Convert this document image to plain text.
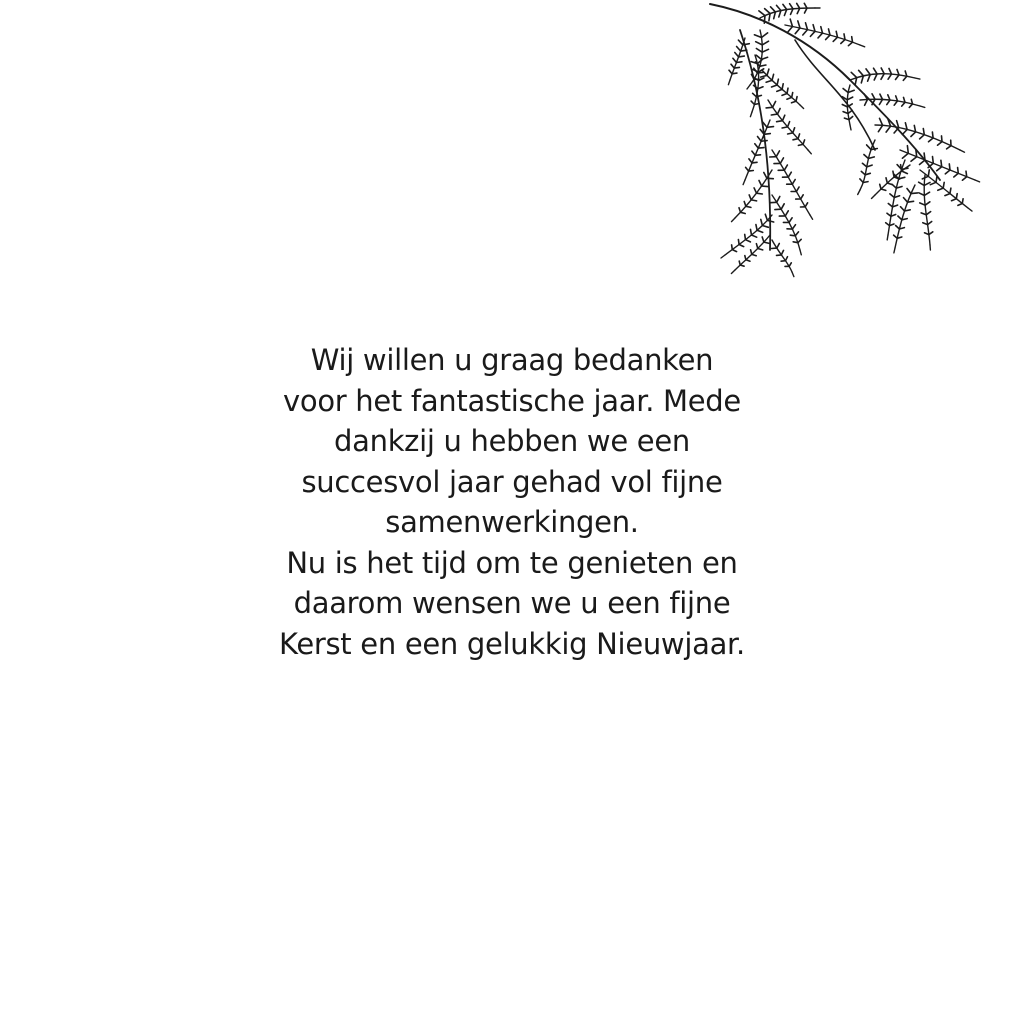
Wij willen u graag bedanken
voor het fantastische jaar. Mede
dankzij u hebben we een
succesvol jaar gehad vol fijne
samenwerkingen.
Nu is het tijd om te genieten en
daarom wensen we u een fijne
Kerst en een gelukkig Nieuwjaar.
